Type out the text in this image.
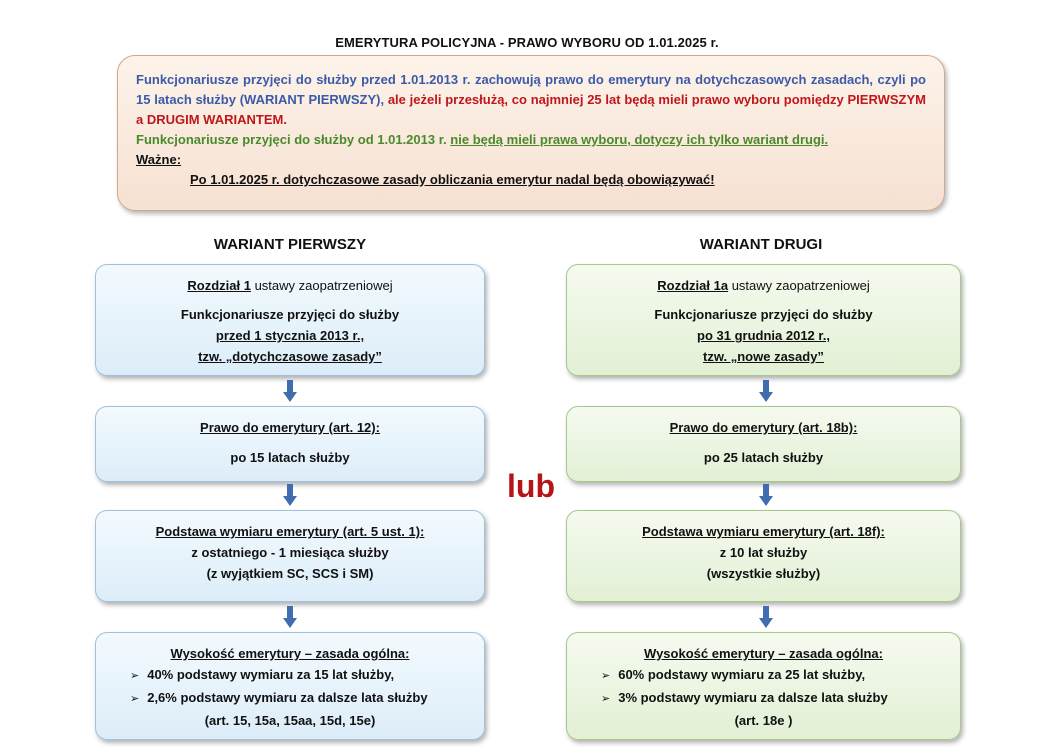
EMERYTURA POLICYJNA - PRAWO WYBORU OD 1.01.2025 r.

Funkcjonariusze przyjęci do służby przed 1.01.2013 r. zachowują prawo do emerytury na dotychczasowych zasadach, czyli po 15 latach służby (WARIANT PIERWSZY), ale jeżeli przesłużą, co najmniej 25 lat będą mieli prawo wyboru pomiędzy PIERWSZYM a DRUGIM WARIANTEM.

Funkcjonariusze przyjęci do służby od 1.01.2013 r. nie będą mieli prawa wyboru, dotyczy ich tylko wariant drugi.

Ważne:

Po 1.01.2025 r. dotychczasowe zasady obliczania emerytur nadal będą obowiązywać!

WARIANT PIERWSZY	WARIANT DRUGI
Rozdział 1 ustawy zaopatrzeniowej
Funkcjonariusze przyjęci do służby
przed 1 stycznia 2013 r.,
tzw. „dotychczasowe zasady”
Prawo do emerytury (art. 12):
po 15 latach służby
Podstawa wymiaru emerytury (art. 5 ust. 1):
z ostatniego - 1 miesiąca służby
(z wyjątkiem SC, SCS i SM)
Wysokość emerytury – zasada ogólna:
➢ 40% podstawy wymiaru za 15 lat służby,
➢ 2,6% podstawy wymiaru za dalsze lata służby
(art. 15, 15a, 15aa, 15d, 15e)
lub
Rozdział 1a ustawy zaopatrzeniowej
Funkcjonariusze przyjęci do służby
po 31 grudnia 2012 r.,
tzw. „nowe zasady”
Prawo do emerytury (art. 18b):
po 25 latach służby
Podstawa wymiaru emerytury (art. 18f):
z 10 lat służby
(wszystkie służby)
Wysokość emerytury – zasada ogólna:
➢ 60% podstawy wymiaru za 25 lat służby,
➢ 3% podstawy wymiaru za dalsze lata służby
(art. 18e )
